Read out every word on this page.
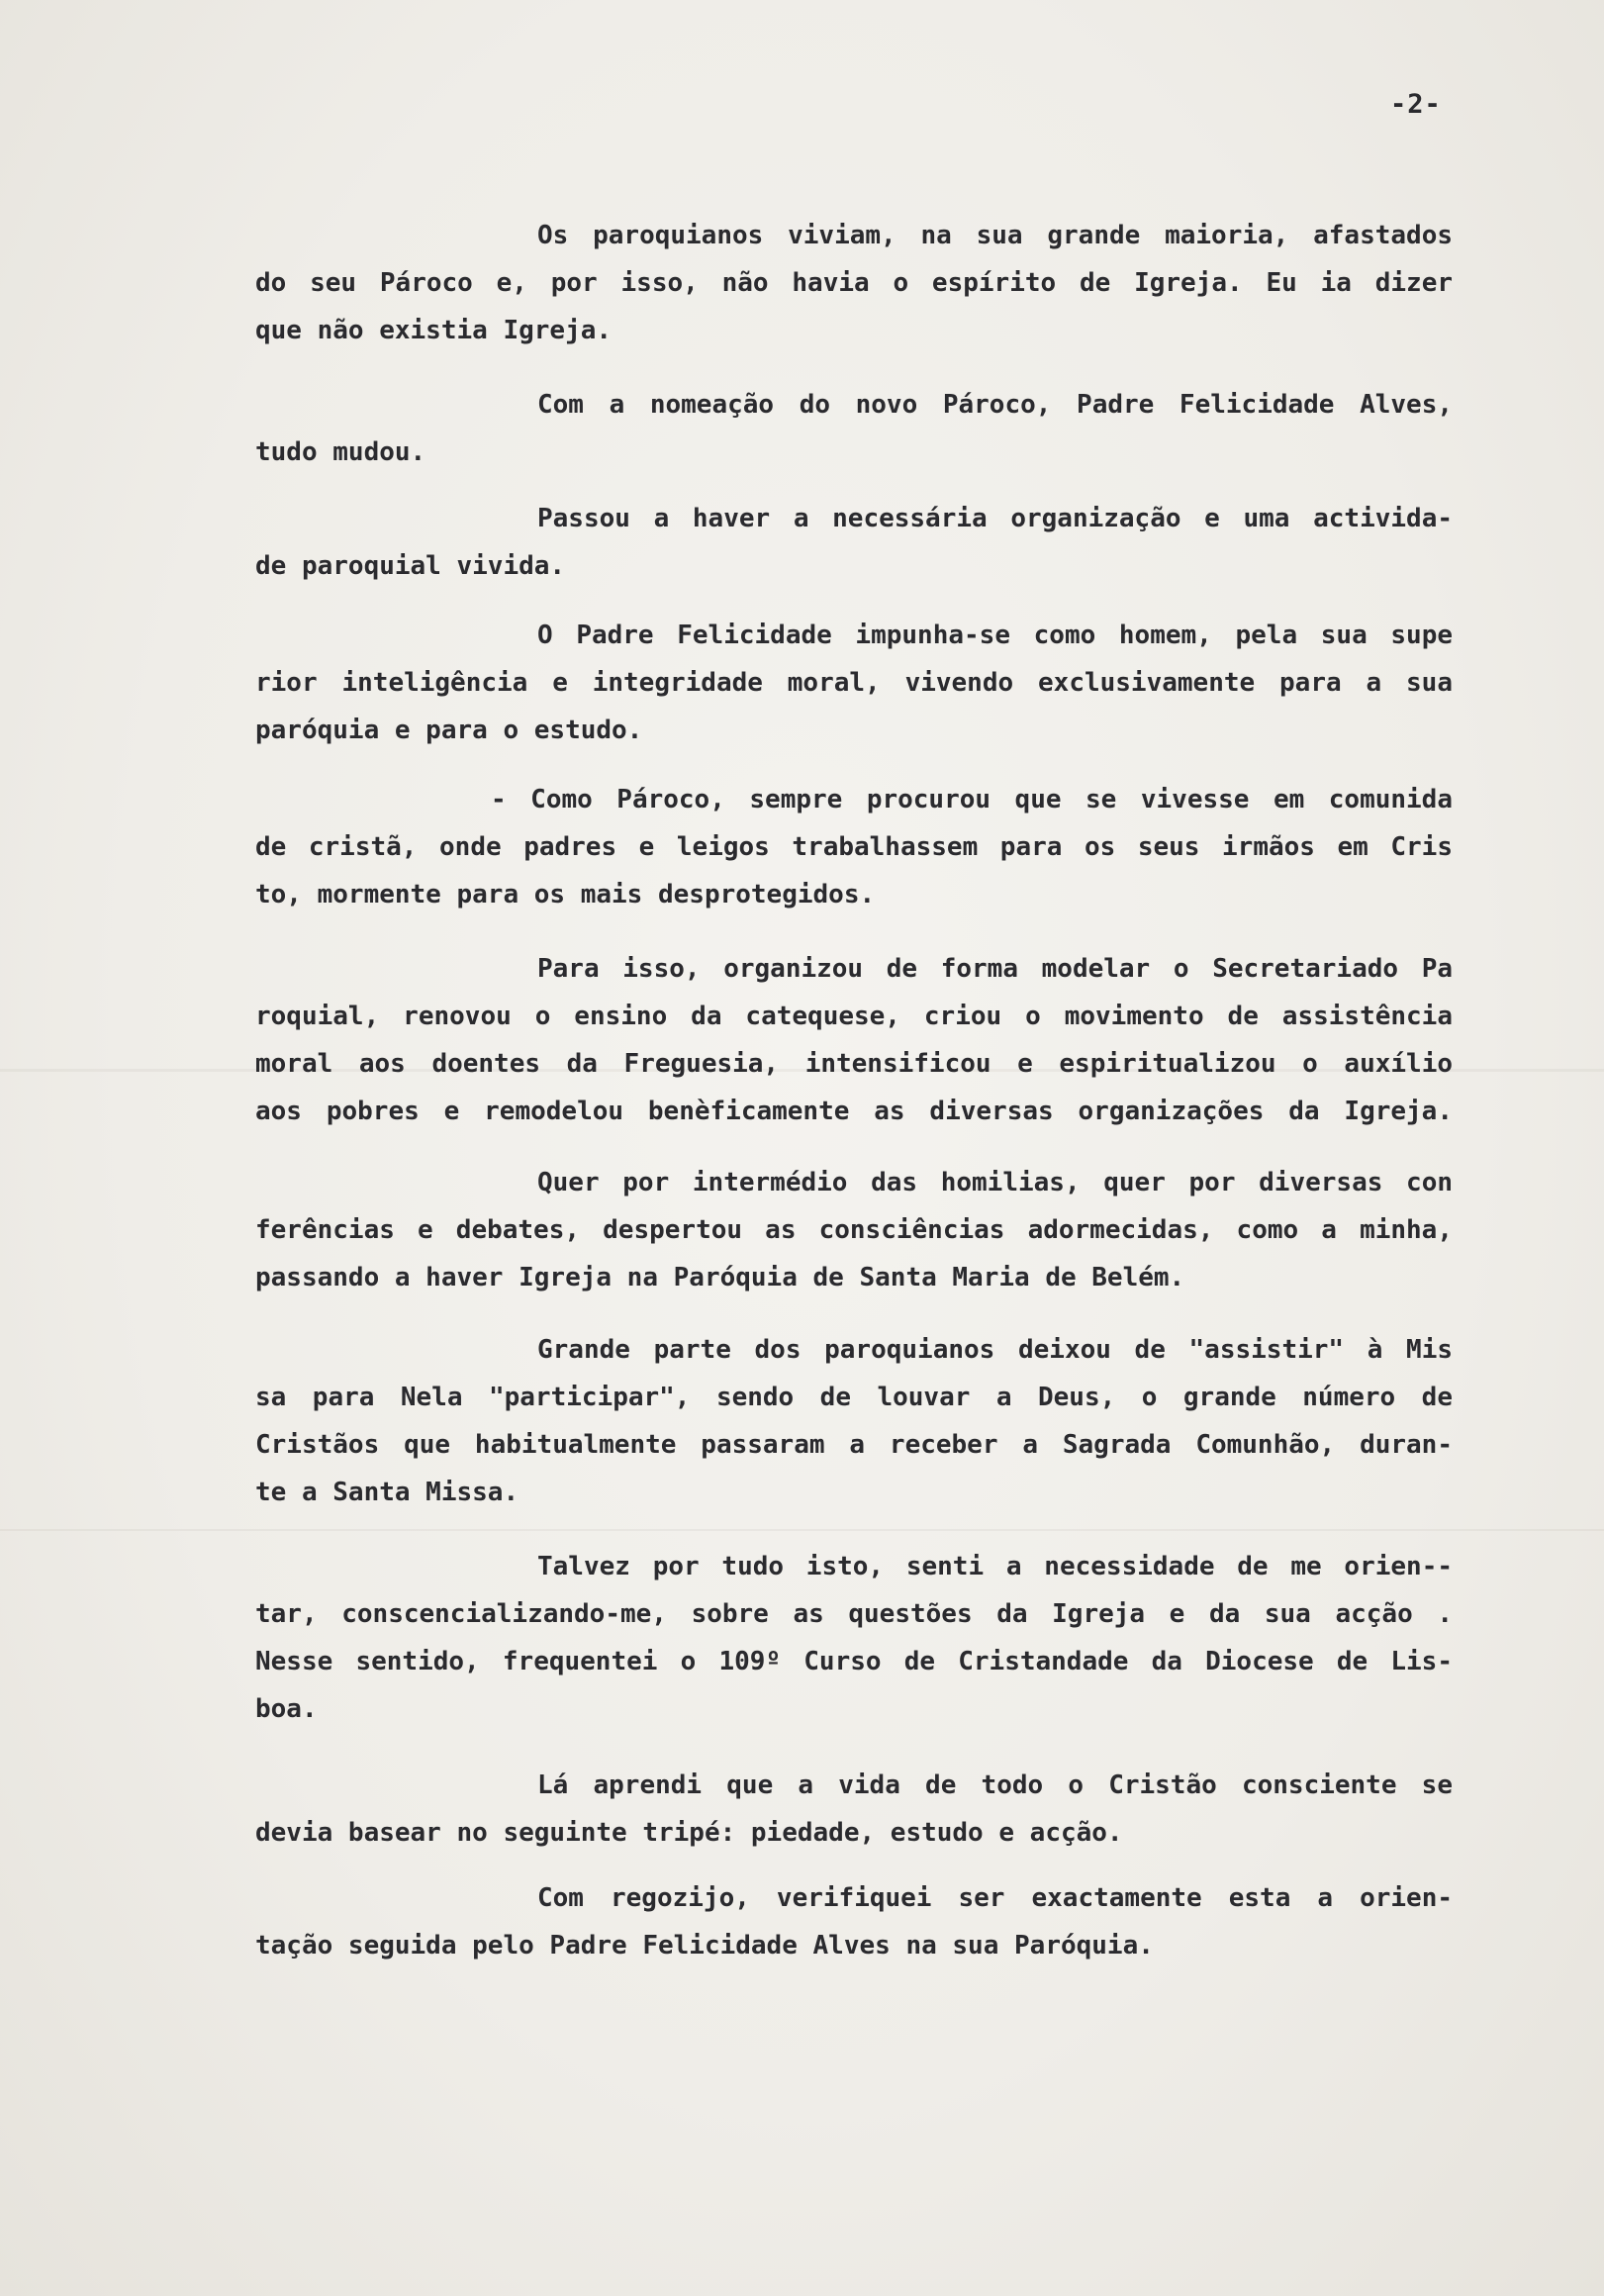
-2-
Os paroquianos viviam, na sua grande maioria, afastados
do seu Pároco e, por isso, não havia o espírito de Igreja. Eu ia dizer
que não existia Igreja.
Com a nomeação do novo Pároco, Padre Felicidade Alves,
tudo mudou.
Passou a haver a necessária organização e uma activida-
de paroquial vivida.
O Padre Felicidade impunha-se como homem, pela sua supe
rior inteligência e integridade moral, vivendo exclusivamente para a sua
paróquia e para o estudo.
- Como Pároco, sempre procurou que se vivesse em comunida
de cristã, onde padres e leigos trabalhassem para os seus irmãos em Cris
to, mormente para os mais desprotegidos.
Para isso, organizou de forma modelar o Secretariado Pa
roquial, renovou o ensino da catequese, criou o movimento de assistência
moral aos doentes da Freguesia, intensificou e espiritualizou o auxílio
aos pobres e remodelou benèficamente as diversas organizações da Igreja.
Quer por intermédio das homilias, quer por diversas con
ferências e debates, despertou as consciências adormecidas, como a minha,
passando a haver Igreja na Paróquia de Santa Maria de Belém.
Grande parte dos paroquianos deixou de "assistir" à Mis
sa para Nela "participar", sendo de louvar a Deus, o grande número de
Cristãos que habitualmente passaram a receber a Sagrada Comunhão, duran-
te a Santa Missa.
Talvez por tudo isto, senti a necessidade de me orien--
tar, conscencializando-me, sobre as questões da Igreja e da sua acção .
Nesse sentido, frequentei o 109º Curso de Cristandade da Diocese de Lis-
boa.
Lá aprendi que a vida de todo o Cristão consciente se
devia basear no seguinte tripé: piedade, estudo e acção.
Com regozijo, verifiquei ser exactamente esta a orien-
tação seguida pelo Padre Felicidade Alves na sua Paróquia.
